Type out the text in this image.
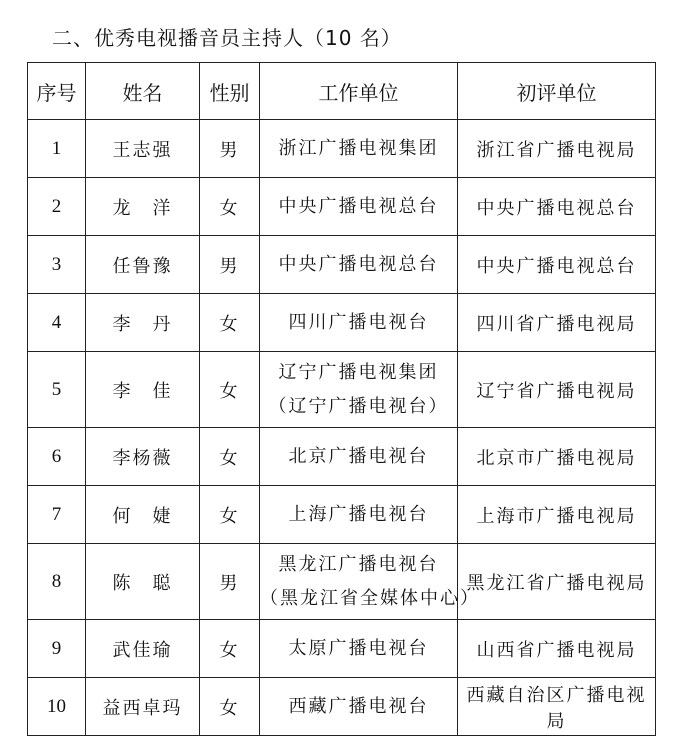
二、优秀电视播音员主持人（10 名）
序号	姓名	性别	工作单位	初评单位
1	王志强	男	浙江广播电视集团	浙江省广播电视局
2	龙　洋	女	中央广播电视总台	中央广播电视总台
3	任鲁豫	男	中央广播电视总台	中央广播电视总台
4	李　丹	女	四川广播电视台	四川省广播电视局
5	李　佳	女	辽宁广播电视集团
（辽宁广播电视台）	辽宁省广播电视局
6	李杨薇	女	北京广播电视台	北京市广播电视局
7	何　婕	女	上海广播电视台	上海市广播电视局
8	陈　聪	男	黑龙江广播电视台
（黑龙江省全媒体中心）	黑龙江省广播电视局
9	武佳瑜	女	太原广播电视台	山西省广播电视局
10	益西卓玛	女	西藏广播电视台	西藏自治区广播电视局
